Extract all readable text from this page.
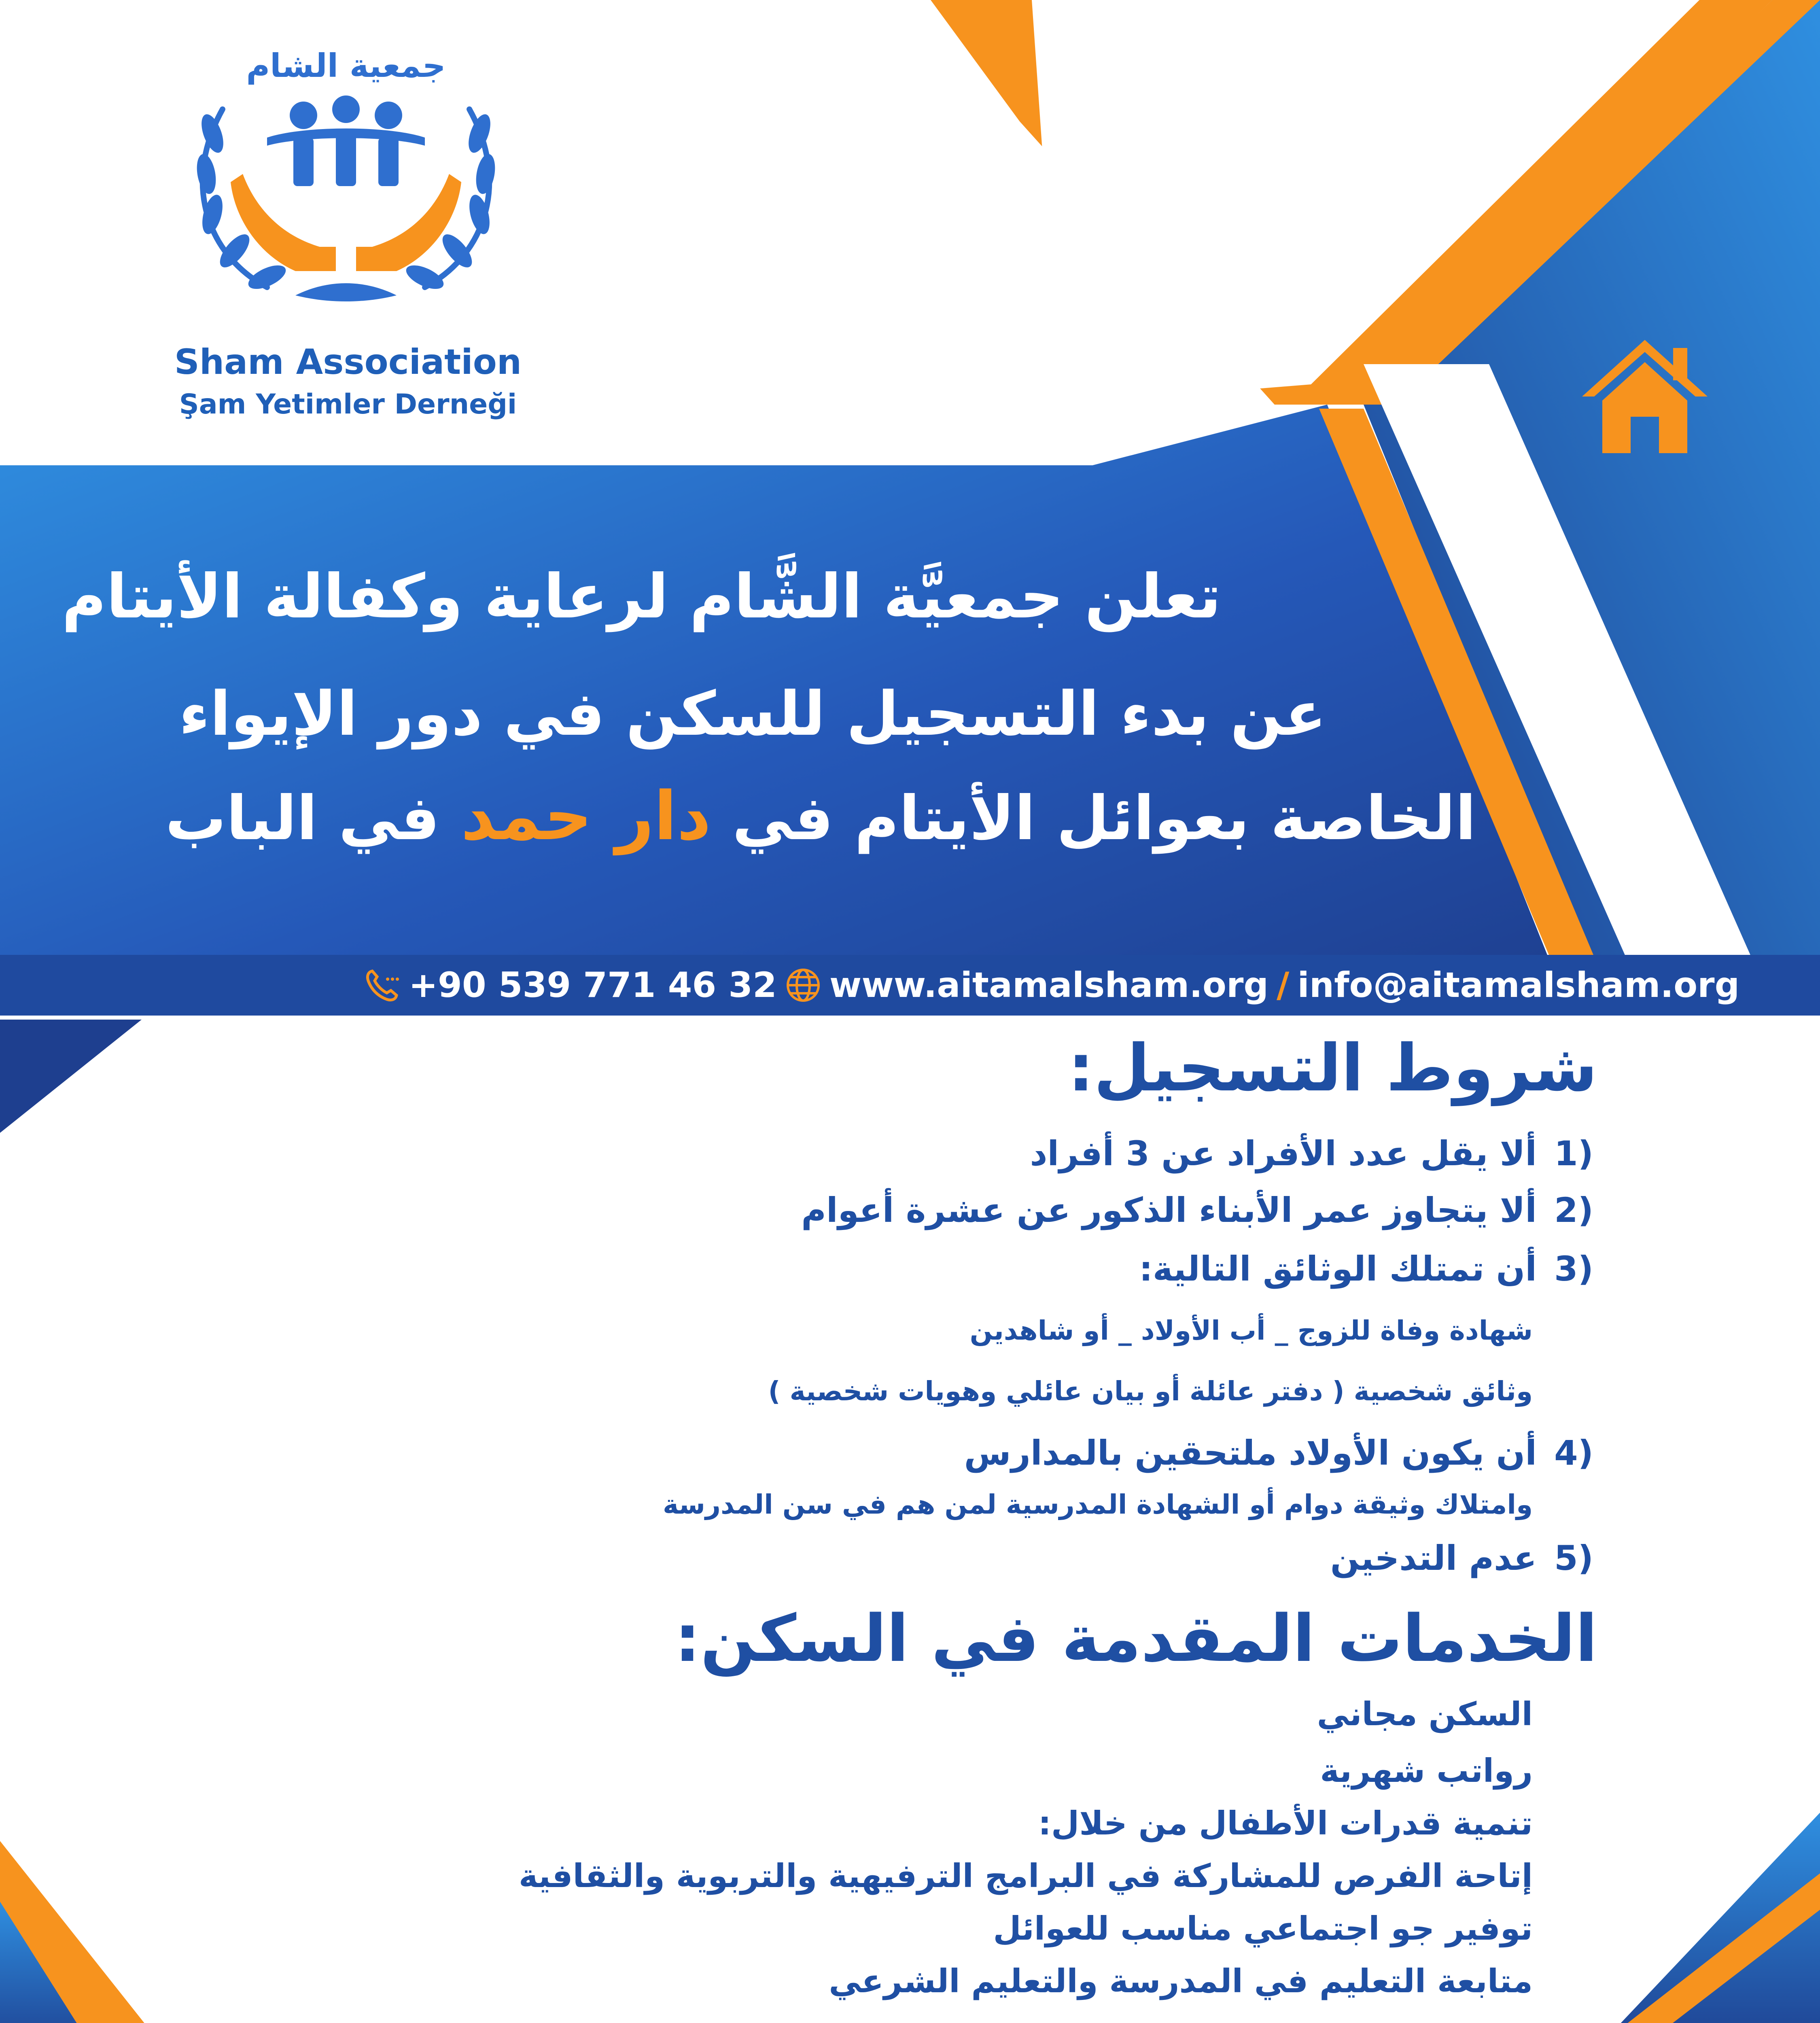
جمعية الشام
Sham Association
Şam Yetimler Derneği
تعلن جمعيَّة الشَّام لرعاية وكفالة الأيتام
عن بدء التسجيل للسكن في دور الإيواء
الخاصة بعوائل الأيتام في دار حمد في الباب
+90 539 771 46 32 www.aitamalsham.org / info@aitamalsham.org
شروط التسجيل:
1)
ألا يقل عدد الأفراد عن 3 أفراد
2)
ألا يتجاوز عمر الأبناء الذكور عن عشرة أعوام
3)
أن تمتلك الوثائق التالية:
شهادة وفاة للزوج _ أب الأولاد _ أو شاهدين
وثائق شخصية ( دفتر عائلة أو بيان عائلي وهويات شخصية )
4)
أن يكون الأولاد ملتحقين بالمدارس
وامتلاك وثيقة دوام أو الشهادة المدرسية لمن هم في سن المدرسة
5)
عدم التدخين
الخدمات المقدمة في السكن:
السكن مجاني
رواتب شهرية
تنمية قدرات الأطفال من خلال:
إتاحة الفرص للمشاركة في البرامج الترفيهية والتربوية والثقافية
توفير جو اجتماعي مناسب للعوائل
متابعة التعليم في المدرسة والتعليم الشرعي
